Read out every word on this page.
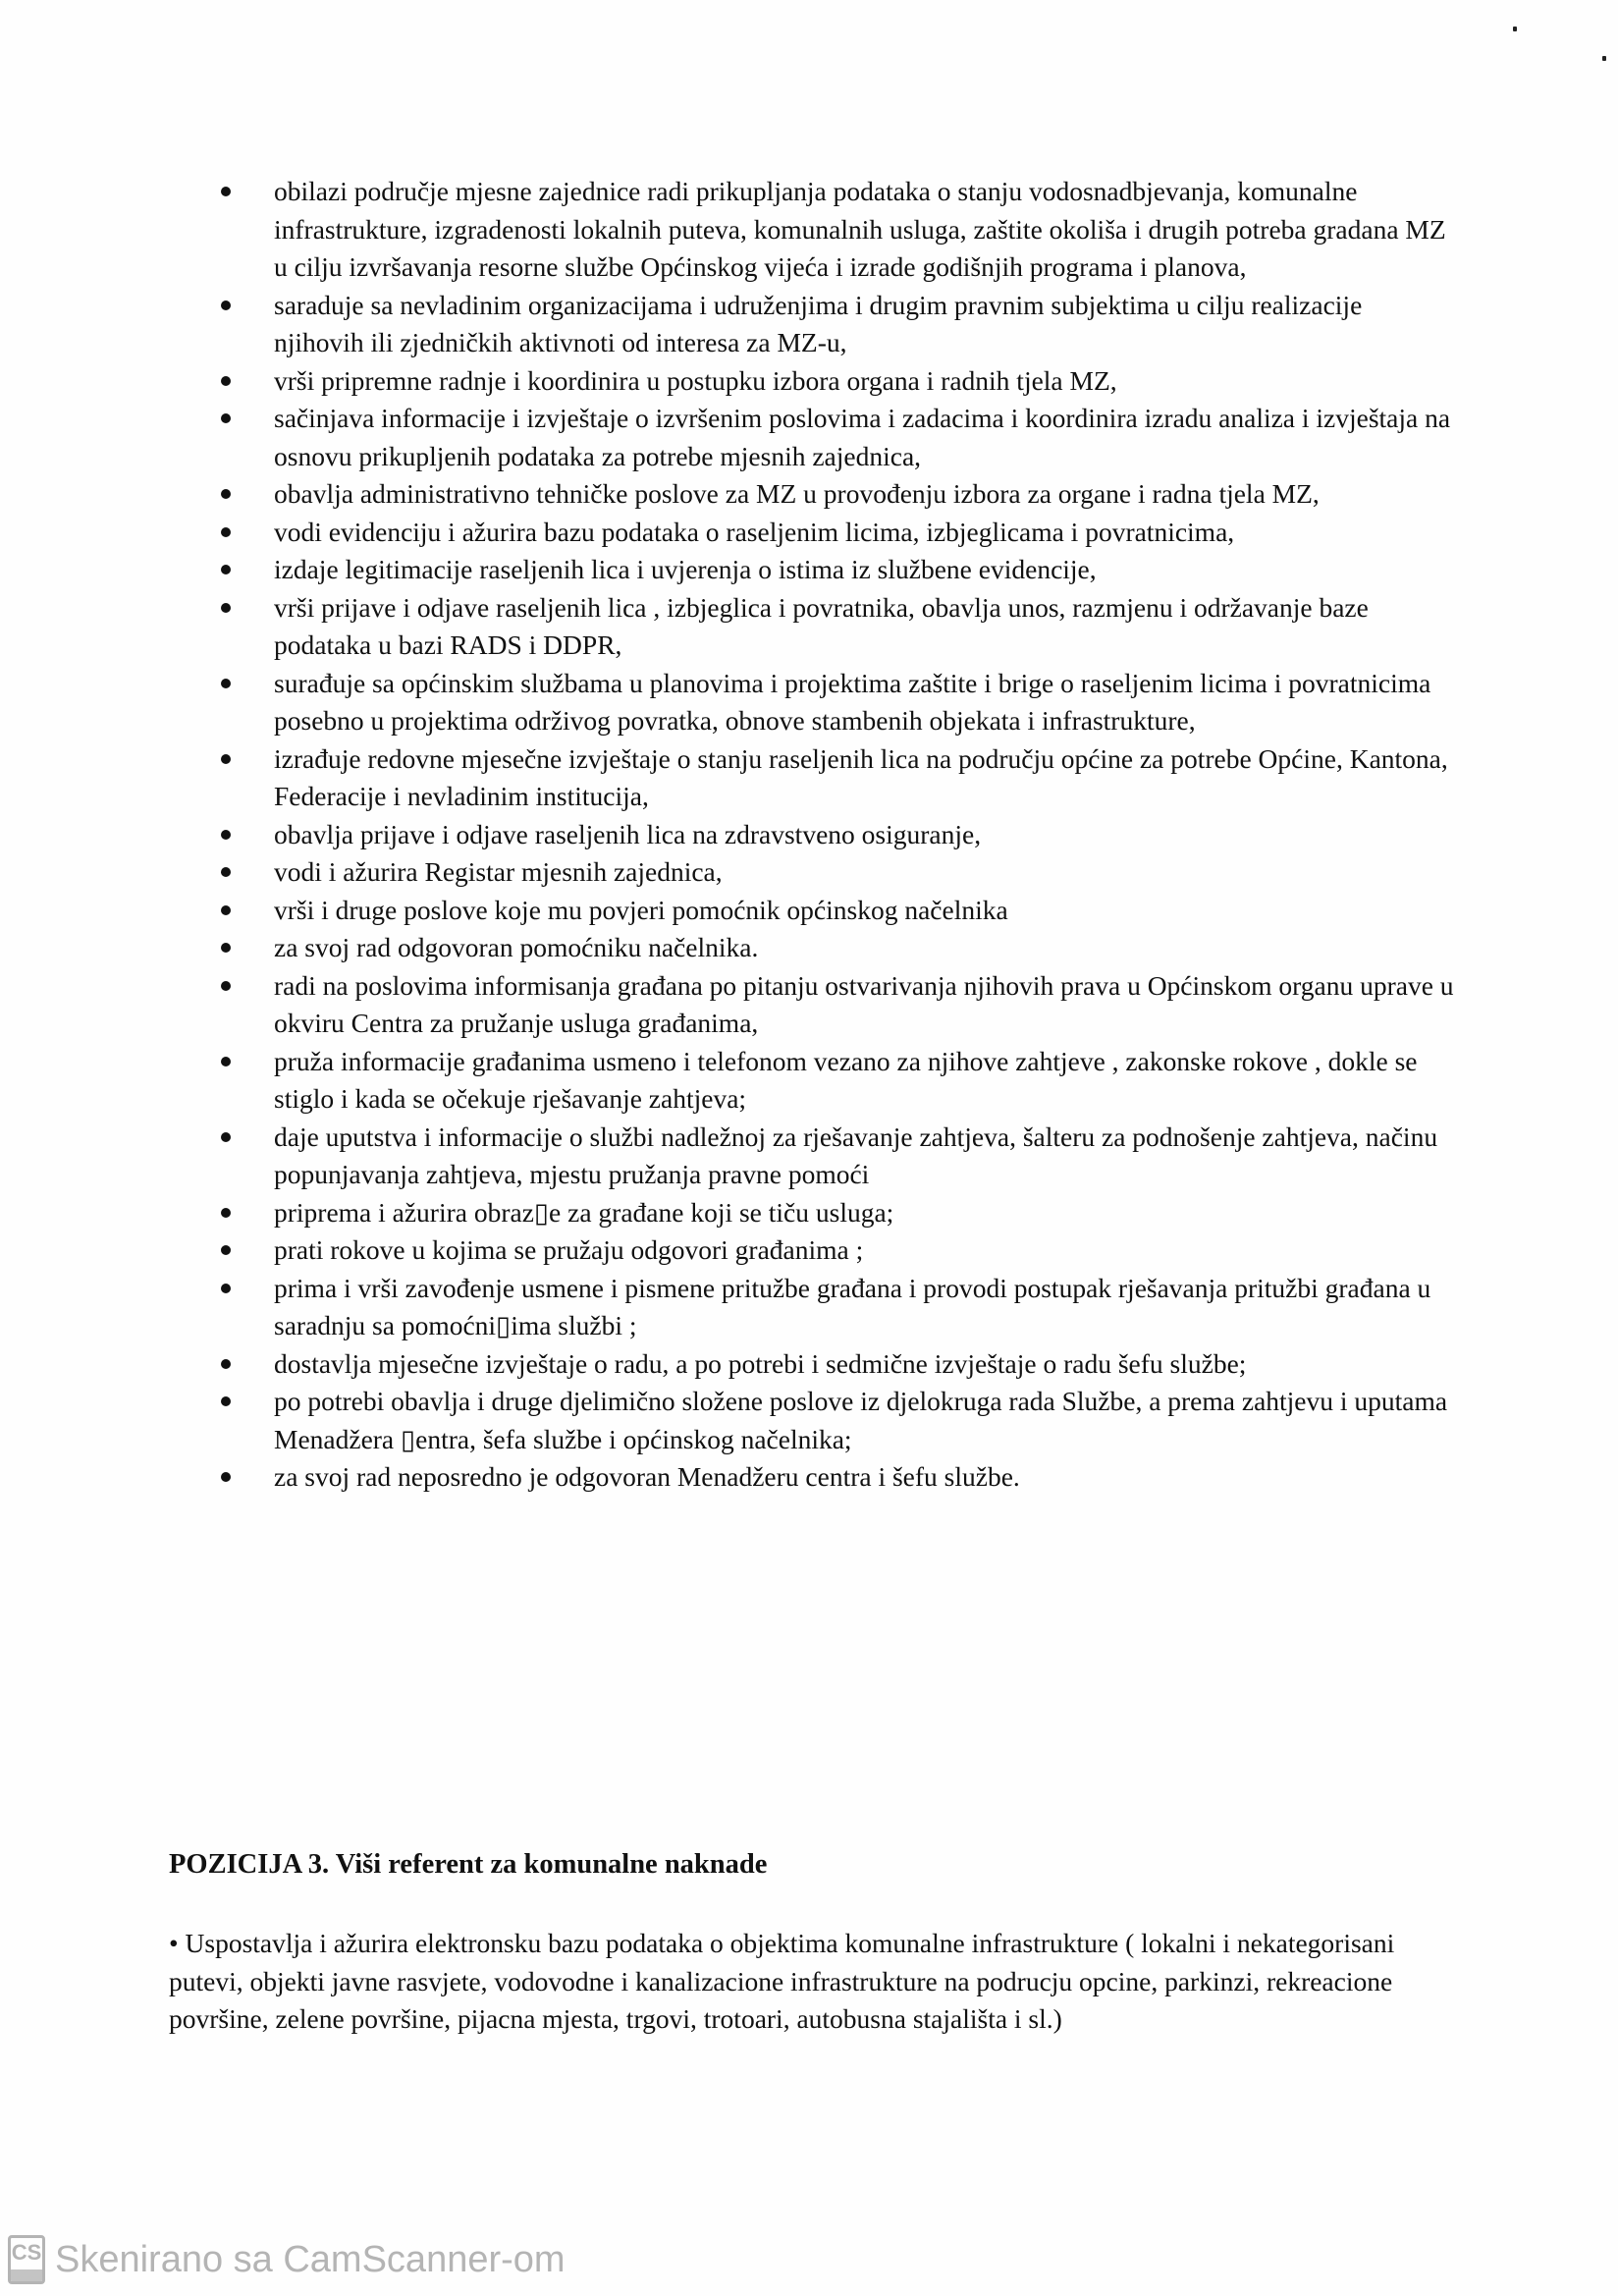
obilazi područje mjesne zajednice radi prikupljanja podataka o stanju vodosnadbjevanja, komunalne infrastrukture, izgradenosti lokalnih puteva, komunalnih usluga, zaštite okoliša i drugih potreba gradana MZ u cilju izvršavanja resorne službe Općinskog vijeća i izrade godišnjih programa i planova,
saraduje sa nevladinim organizacijama i udruženjima i drugim pravnim subjektima u cilju realizacije njihovih ili zjedničkih aktivnoti od interesa za MZ-u,
vrši pripremne radnje i koordinira u postupku izbora organa i radnih tjela MZ,
sačinjava informacije i izvještaje o izvršenim poslovima i zadacima i koordinira izradu analiza i izvještaja na osnovu prikupljenih podataka za potrebe mjesnih zajednica,
obavlja administrativno tehničke poslove za MZ u provođenju izbora za organe i radna tjela MZ,
vodi evidenciju i ažurira bazu podataka o raseljenim licima, izbjeglicama i povratnicima,
izdaje legitimacije raseljenih lica i uvjerenja o istima iz službene evidencije,
vrši prijave i odjave raseljenih lica , izbjeglica i povratnika, obavlja unos, razmjenu i održavanje baze podataka u bazi RADS i DDPR,
surađuje sa općinskim službama u planovima i projektima zaštite i brige o raseljenim licima i povratnicima posebno u projektima održivog povratka, obnove stambenih objekata i infrastrukture,
izrađuje redovne mjesečne izvještaje o stanju raseljenih lica na području općine za potrebe Općine, Kantona, Federacije i nevladinim institucija,
obavlja prijave i odjave raseljenih lica na zdravstveno osiguranje,
vodi i ažurira Registar mjesnih zajednica,
vrši i druge poslove koje mu povjeri pomoćnik općinskog načelnika
za svoj rad odgovoran pomoćniku načelnika.
radi na poslovima informisanja građana po pitanju ostvarivanja njihovih prava u Općinskom organu uprave u okviru Centra za pružanje usluga građanima,
pruža informacije građanima usmeno i telefonom vezano za njihove zahtjeve , zakonske rokove , dokle se stiglo i kada se očekuje rješavanje zahtjeva;
daje uputstva i informacije o službi nadležnoj za rješavanje zahtjeva, šalteru za podnošenje zahtjeva, načinu popunjavanja zahtjeva, mjestu pružanja pravne pomoći
priprema i ažurira obraz▯e za građane koji se tiču usluga;
prati rokove u kojima se pružaju odgovori građanima ;
prima i vrši zavođenje usmene i pismene pritužbe građana i provodi postupak rješavanja pritužbi građana u saradnju sa pomoćni▯ima službi ;
dostavlja mjesečne izvještaje o radu, a po potrebi i sedmične izvještaje o radu šefu službe;
po potrebi obavlja i druge djelimično složene poslove iz djelokruga rada Službe, a prema zahtjevu i uputama Menadžera ▯entra, šefa službe i općinskog načelnika;
za svoj rad neposredno je odgovoran Menadžeru centra i šefu službe.
POZICIJA 3. Viši referent za komunalne naknade

• Uspostavlja i ažurira elektronsku bazu podataka o objektima komunalne infrastrukture ( lokalni i nekategorisani putevi, objekti javne rasvjete, vodovodne i kanalizacione infrastrukture na podrucju opcine, parkinzi, rekreacione površine, zelene površine, pijacna mjesta, trgovi, trotoari, autobusna stajališta i sl.)

CS Skenirano sa CamScanner-om
